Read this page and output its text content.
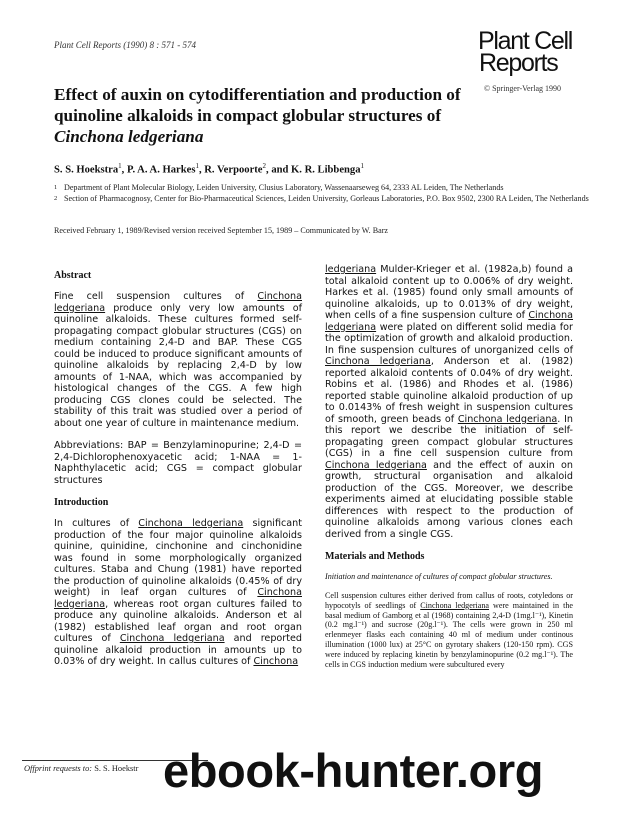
Plant Cell Reports (1990) 8 : 571 - 574	Plant Cell
Reports
© Springer-Verlag 1990
Effect of auxin on cytodifferentiation and production of quinoline alkaloids in compact globular structures of Cinchona ledgeriana
S. S. Hoekstra$^1$, P. A. A. Harkes$^1$, R. Verpoorte$^2$, and K. R. Libbenga$^1$
1 Department of Plant Molecular Biology, Leiden University, Clusius Laboratory, Wassenaarseweg 64, 2333 AL Leiden, The Netherlands
2 Section of Pharmacognosy, Center for Bio-Pharmaceutical Sciences, Leiden University, Gorleaus Laboratories, P.O. Box 9502, 2300 RA Leiden, The Netherlands
Received February 1, 1989/Revised version received September 15, 1989 – Communicated by W. Barz

Abstract

Fine cell suspension cultures of Cinchona ledgeriana produce only very low amounts of quinoline alkaloids. These cultures formed self-propagating compact globular structures (CGS) on medium containing 2,4-D and BAP. These CGS could be induced to produce significant amounts of quinoline alkaloids by replacing 2,4-D by low amounts of 1-NAA, which was accompanied by histological changes of the CGS. A few high producing CGS clones could be selected. The stability of this trait was studied over a period of about one year of culture in maintenance medium.

Abbreviations: BAP = Benzylaminopurine; 2,4-D = 2,4-Dichlorophenoxyacetic acid; 1-NAA = 1-Naphthylacetic acid; CGS = compact globular structures

Introduction

In cultures of Cinchona ledgeriana significant production of the four major quinoline alkaloids quinine, quinidine, cinchonine and cinchonidine was found in some morphologically organized cultures. Staba and Chung (1981) have reported the production of quinoline alkaloids (0.45% of dry weight) in leaf organ cultures of Cinchona ledgeriana, whereas root organ cultures failed to produce any quinoline alkaloids. Anderson et al (1982) established leaf organ and root organ cultures of Cinchona ledgeriana and reported quinoline alkaloid production in amounts up to 0.03% of dry weight. In callus cultures of Cinchona

ledgeriana Mulder-Krieger et al. (1982a,b) found a total alkaloid content up to 0.006% of dry weight. Harkes et al. (1985) found only small amounts of quinoline alkaloids, up to 0.013% of dry weight, when cells of a fine suspension culture of Cinchona ledgeriana were plated on different solid media for the optimization of growth and alkaloid production. In fine suspension cultures of unorganized cells of Cinchona ledgeriana, Anderson et al. (1982) reported alkaloid contents of 0.04% of dry weight. Robins et al. (1986) and Rhodes et al. (1986) reported stable quinoline alkaloid production of up to 0.0143% of fresh weight in suspension cultures of smooth, green beads of Cinchona ledgeriana. In this report we describe the initiation of self-propagating green compact globular structures (CGS) in a fine cell suspension culture from Cinchona ledgeriana and the effect of auxin on growth, structural organisation and alkaloid production of the CGS. Moreover, we describe experiments aimed at elucidating possible stable differences with respect to the production of quinoline alkaloids among various clones each derived from a single CGS.

Materials and Methods

Initiation and maintenance of cultures of compact globular structures.

Cell suspension cultures either derived from callus of roots, cotyledons or hypocotyls of seedlings of Cinchona ledgeriana were maintained in the basal medium of Gamborg et al (1968) containing 2,4-D (1mg.l⁻¹), Kinetin (0.2 mg.l⁻¹) and sucrose (20g.l⁻¹). The cells were grown in 250 ml erlenmeyer flasks each containing 40 ml of medium under continous illumination (1000 lux) at 25°C on gyrotary shakers (120-150 rpm). CGS were induced by replacing kinetin by benzylaminopurine (0.2 mg.l⁻¹). The cells in CGS induction medium were subcultured every

Offprint requests to: S. S. Hoekstr ebook-hunter.org
